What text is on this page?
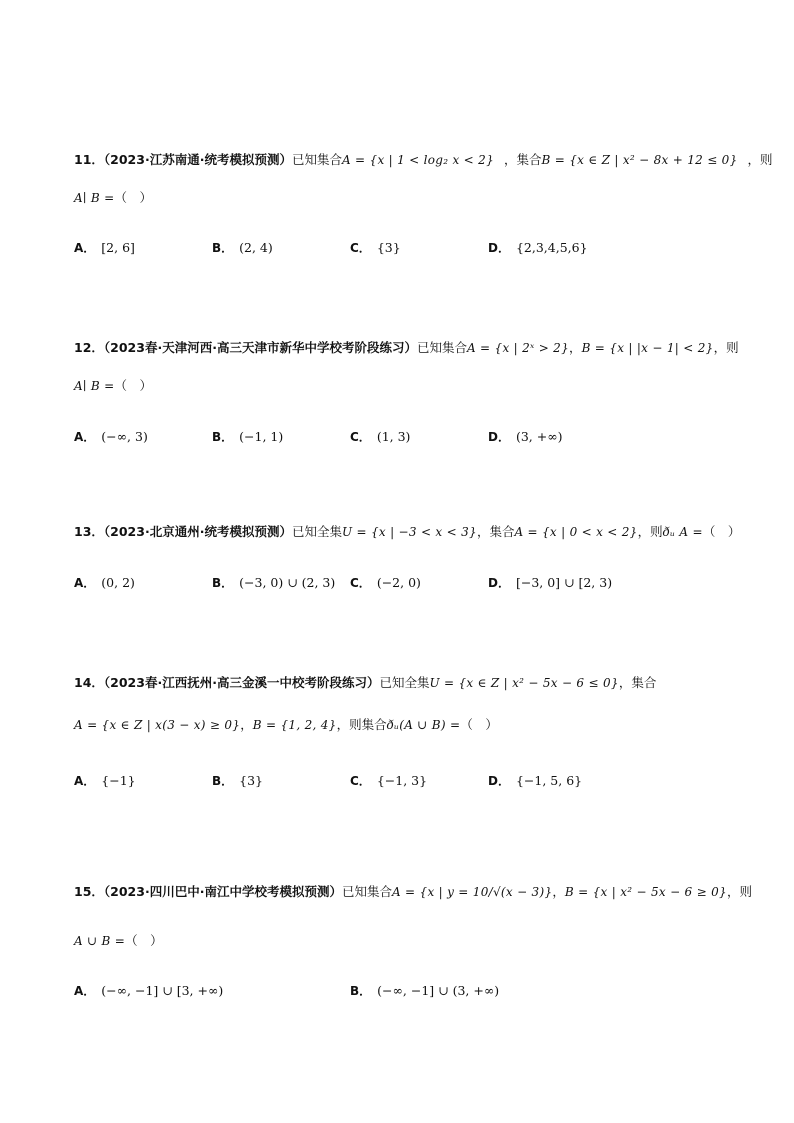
11．（2023·江苏南通·统考模拟预测）已知集合A = {x | 1 < log₂ x < 2} ，集合B = {x ∈ Z | x² − 8x + 12 ≤ 0} ，则
A∣ B =（　）
A． [2, 6]	B． (2, 4)	C． {3}	D． {2,3,4,5,6}
12．（2023春·天津河西·高三天津市新华中学校考阶段练习）已知集合A = {x | 2ˣ > 2}，B = {x | |x − 1| < 2}，则
A∣ B =（　）
A． (−∞, 3)	B． (−1, 1)	C． (1, 3)	D． (3, +∞)
13．（2023·北京通州·统考模拟预测）已知全集U = {x | −3 < x < 3}，集合A = {x | 0 < x < 2}，则ðᵤ A =（　）
A． (0, 2)	B． (−3, 0) ∪ (2, 3) C． (−2, 0)	D． [−3, 0] ∪ [2, 3)
14．（2023春·江西抚州·高三金溪一中校考阶段练习）已知全集U = {x ∈ Z | x² − 5x − 6 ≤ 0}，集合
A = {x ∈ Z | x(3 − x) ≥ 0}，B = {1, 2, 4}，则集合ðᵤ(A ∪ B) =（　）
A． {−1}	B． {3}	C． {−1, 3}	D． {−1, 5, 6}
15．（2023·四川巴中·南江中学校考模拟预测）已知集合A = {x | y = 10/√(x − 3)}，B = {x | x² − 5x − 6 ≥ 0}，则
A ∪ B =（　）
A． (−∞, −1] ∪ [3, +∞)	B． (−∞, −1] ∪ (3, +∞)
